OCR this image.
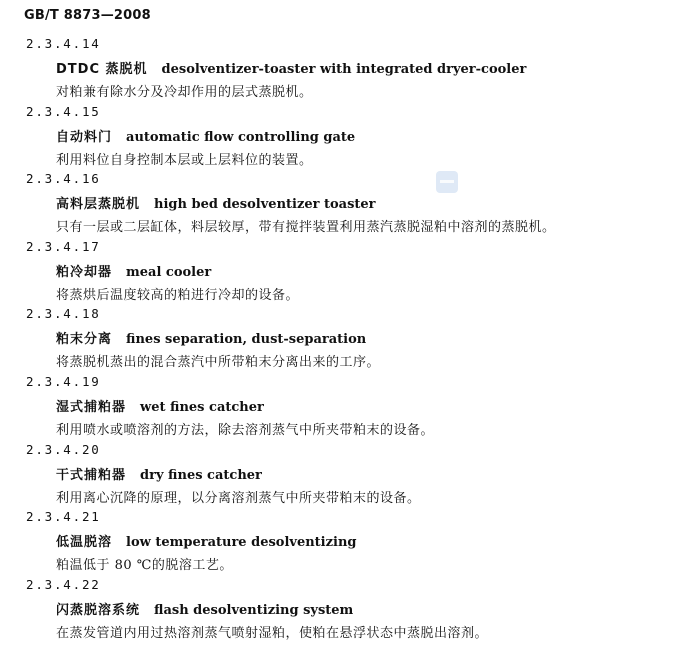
GB/T 8873—2008
2.3.4.14
DTDC 蒸脱机 desolventizer-toaster with integrated dryer-cooler
对粕兼有除水分及冷却作用的层式蒸脱机。
2.3.4.15
自动料门 automatic flow controlling gate
利用料位自身控制本层或上层料位的装置。
2.3.4.16
高料层蒸脱机 high bed desolventizer toaster
只有一层或二层缸体，料层较厚，带有搅拌装置利用蒸汽蒸脱湿粕中溶剂的蒸脱机。
2.3.4.17
粕冷却器 meal cooler
将蒸烘后温度较高的粕进行冷却的设备。
2.3.4.18
粕末分离 fines separation, dust-separation
将蒸脱机蒸出的混合蒸汽中所带粕末分离出来的工序。
2.3.4.19
湿式捕粕器 wet fines catcher
利用喷水或喷溶剂的方法，除去溶剂蒸气中所夹带粕末的设备。
2.3.4.20
干式捕粕器 dry fines catcher
利用离心沉降的原理，以分离溶剂蒸气中所夹带粕末的设备。
2.3.4.21
低温脱溶 low temperature desolventizing
粕温低于 80 ℃的脱溶工艺。
2.3.4.22
闪蒸脱溶系统 flash desolventizing system
在蒸发管道内用过热溶剂蒸气喷射湿粕，使粕在悬浮状态中蒸脱出溶剂。
